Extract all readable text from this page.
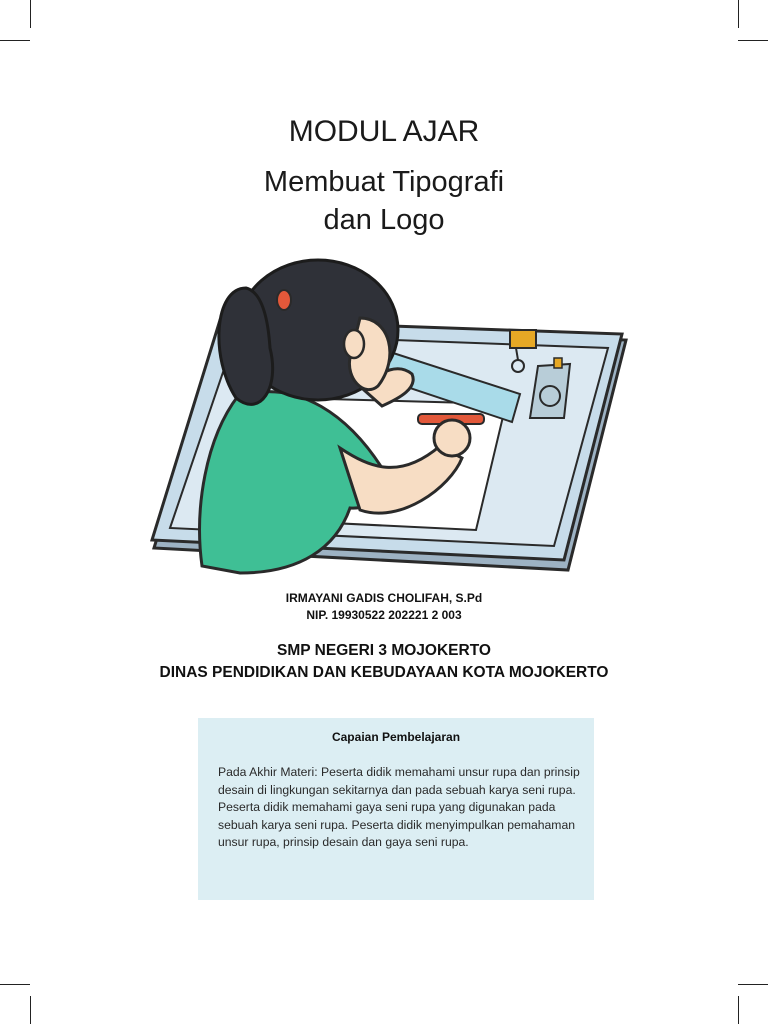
MODUL AJAR
Membuat Tipografi
dan Logo
IRMAYANI GADIS CHOLIFAH, S.Pd
NIP. 19930522 202221 2 003
SMP NEGERI 3 MOJOKERTO
DINAS PENDIDIKAN DAN KEBUDAYAAN KOTA MOJOKERTO
Capaian Pembelajaran
Pada Akhir Materi: Peserta didik memahami unsur rupa dan prinsip desain di lingkungan sekitarnya dan pada sebuah karya seni rupa. Peserta didik memahami gaya seni rupa yang digunakan pada sebuah karya seni rupa. Peserta didik menyimpulkan pemahaman unsur rupa, prinsip desain dan gaya seni rupa.
